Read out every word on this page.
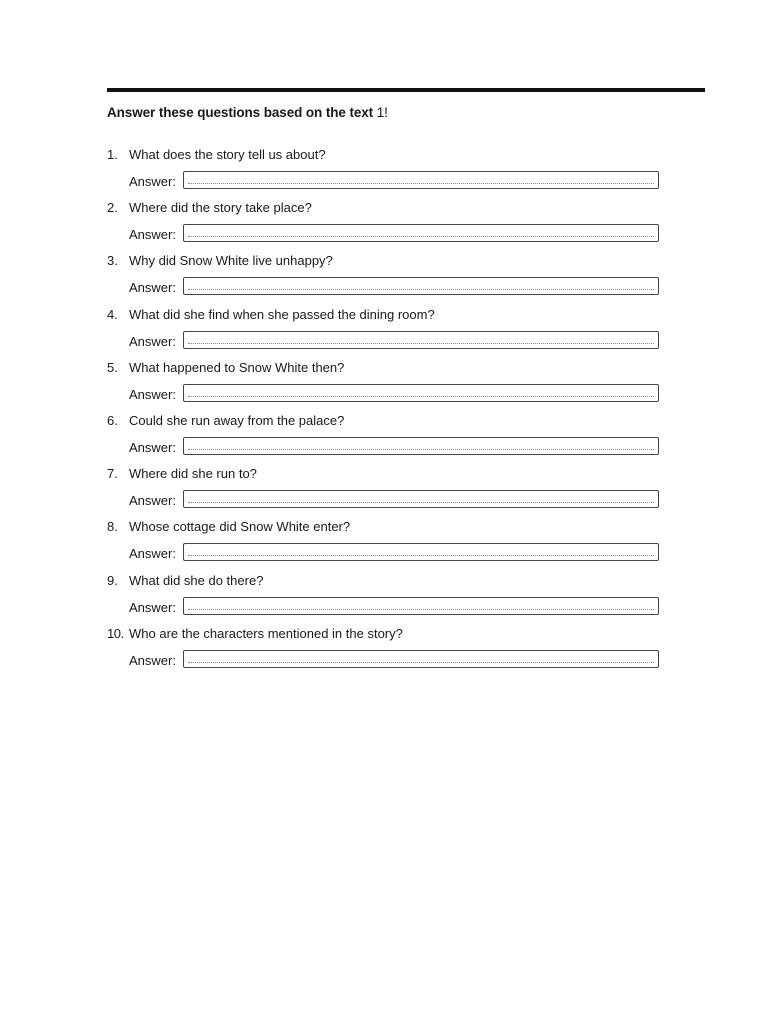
Answer these questions based on the text 1!
1. What does the story tell us about?
Answer:
2. Where did the story take place?
Answer:
3. Why did Snow White live unhappy?
Answer:
4. What did she find when she passed the dining room?
Answer:
5. What happened to Snow White then?
Answer:
6. Could she run away from the palace?
Answer:
7. Where did she run to?
Answer:
8. Whose cottage did Snow White enter?
Answer:
9. What did she do there?
Answer:
10. Who are the characters mentioned in the story?
Answer:
